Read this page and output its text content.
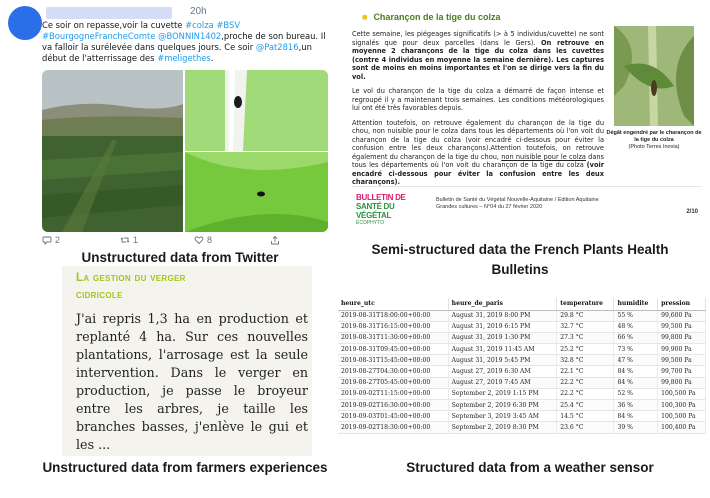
20h
Ce soir on repasse,voir la cuvette #colza #BSV #BourgogneFrancheComte @BONNIN1402,proche de son bureau. Il va falloir la surélevée dans quelques jours. Ce soir @Pat2816,un début de l'atterrissage des #meligethes.
2	1	8
Unstructured data from Twitter
■ Charançon de la tige du colza

Cette semaine, les piégeages significatifs (> à 5 individus/cuvette) ne sont signalés que pour deux parcelles (dans le Gers). On retrouve en moyenne 2 charançons de la tige du colza dans les cuvettes (contre 4 individus en moyenne la semaine dernière). Les captures sont de moins en moins importantes et l'on se dirige vers la fin du vol.

Le vol du charançon de la tige du colza a démarré de façon intense et regroupé il y a maintenant trois semaines. Les conditions météorologiques lui ont été très favorables depuis.

Attention toutefois, on retrouve également du charançon de la tige du chou, non nuisible pour le colza dans tous les départements où l'on voit du charançon de la tige du colza (voir encadré ci-dessous pour éviter la confusion entre les deux charançons).Attention toutefois, on retrouve également du charançon de la tige du chou, non nuisible pour le colza dans tous les départements où l'on voit du charançon de la tige du colza (voir encadré ci-dessous pour éviter la confusion entre les deux charançons).

Dégât engendré par le charançon de la tige du colza
(Photo Terres Inovia)
BULLETIN DE
SANTÉ DU VÉGÉTAL
ÉCOPHYTO
Bulletin de Santé du Végétal Nouvelle-Aquitaine / Edition Aquitaine
Grandes cultures – N°04 du 27 février 2020
2/10
Semi-structured data the French Plants Health Bulletins
La gestion du verger
cidricole
J'ai repris 1,3 ha en production et replanté 4 ha. Sur ces nouvelles plantations, l'arrosage est la seule intervention. Dans le verger en production, je passe le broyeur entre les arbres, je taille les branches basses, j'enlève le gui et les ...
Unstructured data from farmers experiences
heure_utc	heure_de_paris	temperature	humidite	pression
2019-08-31T18:00:00+00:00	August 31, 2019 8:00 PM	29.8 °C	55 %	99,600 Pa
2019-08-31T16:15:00+00:00	August 31, 2019 6:15 PM	32.7 °C	48 %	99,500 Pa
2019-08-31T11:30:00+00:00	August 31, 2019 1:30 PM	27.3 °C	66 %	99,800 Pa
2019-08-31T09:45:00+00:00	August 31, 2019 11:45 AM	25.2 °C	73 %	99,900 Pa
2019-08-31T15:45:00+00:00	August 31, 2019 5:45 PM	32.8 °C	47 %	99,500 Pa
2019-08-27T04:30:00+00:00	August 27, 2019 6:30 AM	22.1 °C	84 %	99,700 Pa
2019-08-27T05:45:00+00:00	August 27, 2019 7:45 AM	22.2 °C	84 %	99,800 Pa
2019-09-02T11:15:00+00:00	September 2, 2019 1:15 PM	22.2 °C	52 %	100,500 Pa
2019-09-02T16:30:00+00:00	September 2, 2019 6:30 PM	25.4 °C	36 %	100,300 Pa
2019-09-03T01:45:00+00:00	September 3, 2019 3:45 AM	14.5 °C	84 %	100,500 Pa
2019-09-02T18:30:00+00:00	September 2, 2019 8:30 PM	23.6 °C	39 %	100,400 Pa
Structured data from a weather sensor
